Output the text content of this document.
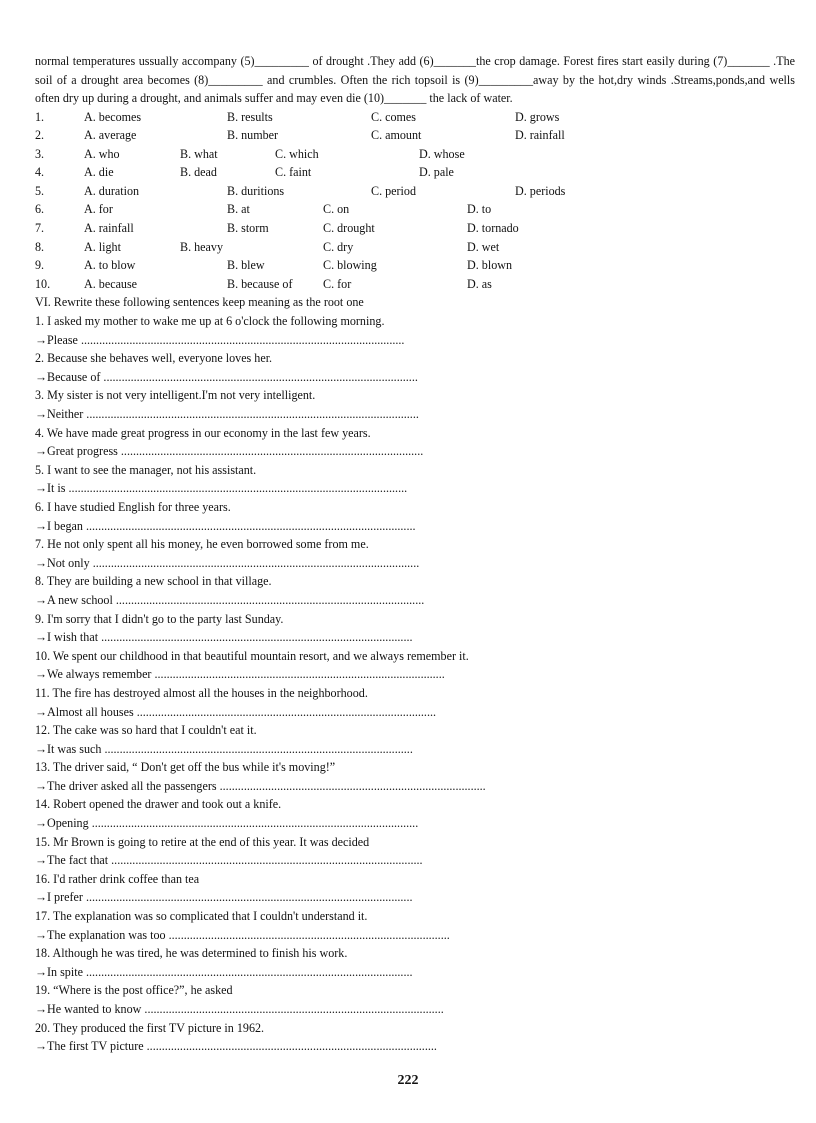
normal temperatures ussually accompany (5)_________ of drought .They add (6)_______the crop damage. Forest fires start easily during (7)_______ .The soil of a drought area becomes (8)_________ and crumbles. Often the rich topsoil is (9)_________away by the hot,dry winds .Streams,ponds,and wells often dry up during a drought, and animals suffer and may even die (10)_______ the lack of water.

1.	A. becomes	B. results	C. comes	D. grows
2.	A. average	B. number	C. amount	D. rainfall
3.	A. who	B. what	C. which	D. whose
4.	A. die	B. dead	C. faint	D. pale
5.	A. duration	B. duritions	C. period	D. periods
6.	A. for	B. at	C. on	D. to
7.	A. rainfall	B. storm	C. drought	D. tornado
8.	A. light	B. heavy	C. dry	D. wet
9.	A. to blow	B. blew	C. blowing	D. blown
10.	A. because	B. because of	C. for	D. as

VI. Rewrite these following sentences keep meaning as the root one

1. I asked my mother to wake me up at 6 o'clock the following morning.

→Please ...........................................................................................................

2. Because she behaves well, everyone loves her.

→Because of ........................................................................................................

3. My sister is not very intelligent.I'm not very intelligent.

→Neither ..............................................................................................................

4. We have made great progress in our economy in the last few years.

→Great progress ....................................................................................................

5. I want to see the manager, not his assistant.

→It is ................................................................................................................

6. I have studied English for three years.

→I began .............................................................................................................

7. He not only spent all his money, he even borrowed some from me.

→Not only ............................................................................................................

8. They are building a new school in that village.

→A new school ......................................................................................................

9. I'm sorry that I didn't go to the party last Sunday.

→I wish that .......................................................................................................

10. We spent our childhood in that beautiful mountain resort, and we always remember it.

→We always remember ................................................................................................

11. The fire has destroyed almost all the houses in the neighborhood.

→Almost all houses ...................................................................................................

12. The cake was so hard that I couldn't eat it.

→It was such ......................................................................................................

13. The driver said, “ Don't get off the bus while it's moving!”

→The driver asked all the passengers ........................................................................................

14. Robert opened the drawer and took out a knife.

→Opening ............................................................................................................

15. Mr Brown is going to retire at the end of this year. It was decided

→The fact that .......................................................................................................

16. I'd rather drink coffee than tea

→I prefer ............................................................................................................

17. The explanation was so complicated that I couldn't understand it.

→The explanation was too .............................................................................................

18. Although he was tired, he was determined to finish his work.

→In spite ............................................................................................................

19. “Where is the post office?”, he asked

→He wanted to know ...................................................................................................

20. They produced the first TV picture in 1962.

→The first TV picture ................................................................................................

222
